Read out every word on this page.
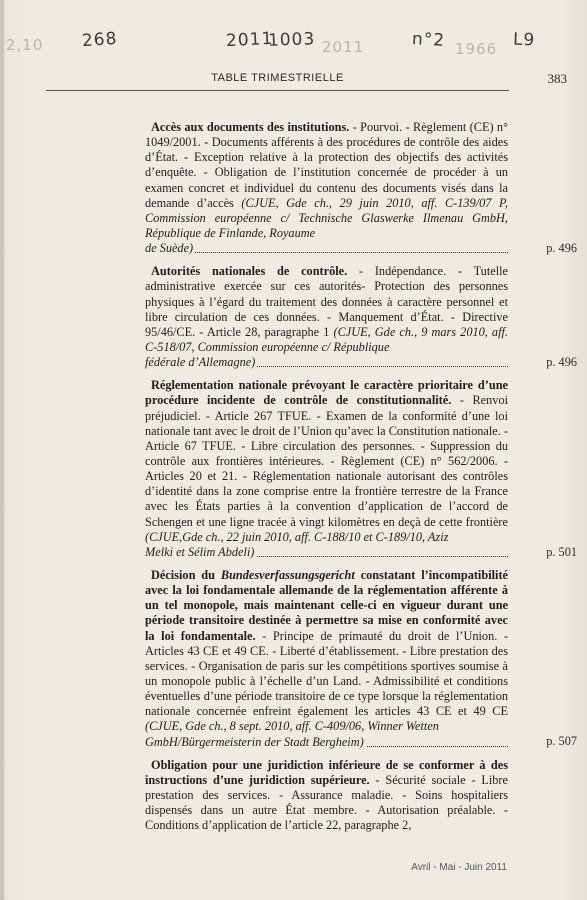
268	2011
1003	n°2	L9
2,10	2011	1966
TABLE TRIMESTRIELLE	383
Accès aux documents des institutions. - Pourvoi. - Règlement (CE) n° 1049/2001. - Documents afférents à des procédures de contrôle des aides d’État. - Exception relative à la protection des objectifs des activités d’enquête. - Obligation de l’institution concernée de procéder à un examen concret et individuel du contenu des documents visés dans la demande d’accès (CJUE, Gde ch., 29 juin 2010, aff. C-139/07 P, Commission européenne c/ Technische Glaswerke Ilmenau GmbH, République de Finlande, Royaume
de Suède)	p. 496
Autorités nationales de contrôle. - Indépendance. - Tutelle administrative exercée sur ces autorités- Protection des personnes physiques à l’égard du traitement des données à caractère personnel et libre circulation de ces données. - Manquement d’État. - Directive 95/46/CE. - Article 28, paragraphe 1 (CJUE, Gde ch., 9 mars 2010, aff. C-518/07, Commission européenne c/ République
fédérale d’Allemagne)	p. 496
Réglementation nationale prévoyant le caractère prioritaire d’une procédure incidente de contrôle de constitutionnalité. - Renvoi préjudiciel. - Article 267 TFUE. - Examen de la conformité d’une loi nationale tant avec le droit de l’Union qu’avec la Constitution nationale. - Article 67 TFUE. - Libre circulation des personnes. - Suppression du contrôle aux frontières intérieures. - Règlement (CE) n° 562/2006. - Articles 20 et 21. - Réglementation nationale autorisant des contrôles d’identité dans la zone comprise entre la frontière terrestre de la France avec les États parties à la convention d’application de l’accord de Schengen et une ligne tracée à vingt kilomètres en deçà de cette frontière (CJUE,Gde ch., 22 juin 2010, aff. C-188/10 et C-189/10, Aziz
Melki et Sélim Abdeli)	p. 501
Décision du Bundesverfassungsgericht constatant l’incompatibilité avec la loi fondamentale allemande de la réglementation afférente à un tel monopole, mais maintenant celle-ci en vigueur durant une période transitoire destinée à permettre sa mise en conformité avec la loi fondamentale. - Principe de primauté du droit de l’Union. - Articles 43 CE et 49 CE. - Liberté d’établissement. - Libre prestation des services. - Organisation de paris sur les compétitions sportives soumise à un monopole public à l’échelle d’un Land. - Admissibilité et conditions éventuelles d’une période transitoire de ce type lorsque la réglementation nationale concernée enfreint également les articles 43 CE et 49 CE (CJUE, Gde ch., 8 sept. 2010, aff. C-409/06, Winner Wetten
GmbH/Bürgermeisterin der Stadt Bergheim)	p. 507
Obligation pour une juridiction inférieure de se conformer à des instructions d’une juridiction supérieure. - Sécurité sociale - Libre prestation des services. - Assurance maladie. - Soins hospitaliers dispensés dans un autre État membre. - Autorisation préalable. - Conditions d’application de l’article 22, paragraphe 2,
Avril - Mai - Juin 2011
